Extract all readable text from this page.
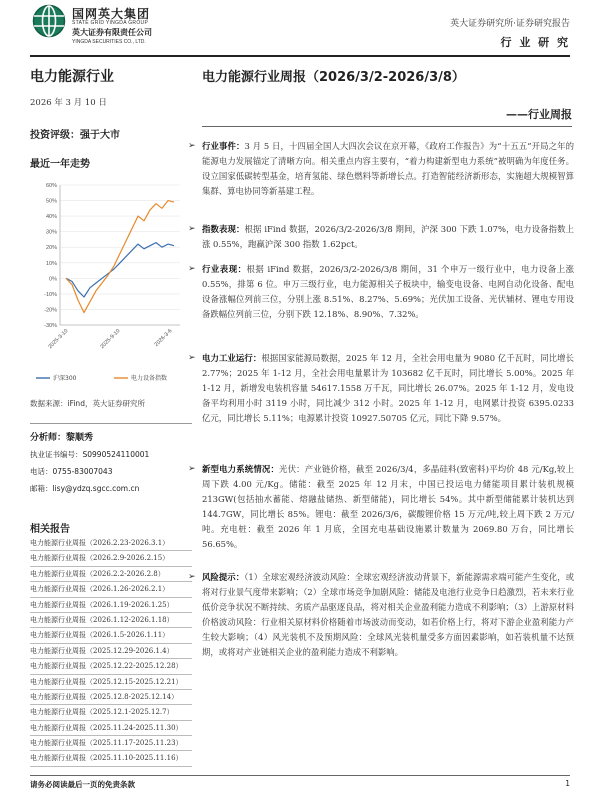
国网英大集团
STATE GRID YINGDA GROUP
英大证券有限责任公司
YINGDA SECURITIES CO., LTD.
英大证券研究所·证券研究报告
行 业 研 究
电力能源行业
2026 年 3 月 10 日
投资评级：强于大市
最近一年走势
-30%
-20%
-10%
0%
10%
20%
30%
40%
50%
60%
2025-3-10	2025-9-10	2026-3-6
沪深300	电力设备指数
数据来源：iFind，英大证券研究所
分析师：黎顺秀
执业证书编号：S0990524110001
电话：0755-83007043
邮箱：lisy@ydzq.sgcc.com.cn
相关报告
电力能源行业周报（2026.2.23-2026.3.1）
电力能源行业周报（2026.2.9-2026.2.15）
电力能源行业周报（2026.2.2-2026.2.8）
电力能源行业周报（2026.1.26-2026.2.1）
电力能源行业周报（2026.1.19-2026.1.25）
电力能源行业周报（2026.1.12-2026.1.18）
电力能源行业周报（2026.1.5-2026.1.11）
电力能源行业周报（2025.12.29-2026.1.4）
电力能源行业周报（2025.12.22-2025.12.28）
电力能源行业周报（2025.12.15-2025.12.21）
电力能源行业周报（2025.12.8-2025.12.14）
电力能源行业周报（2025.12.1-2025.12.7）
电力能源行业周报（2025.11.24-2025.11.30）
电力能源行业周报（2025.11.17-2025.11.23）
电力能源行业周报（2025.11.10-2025.11.16）
电力能源行业周报（2026/3/2-2026/3/8）
——行业周报
➢ 行业事件：3 月 5 日，十四届全国人大四次会议在京开幕，《政府工作报告》为“十五五”开局之年的能源电力发展锚定了清晰方向。相关重点内容主要有，“着力构建新型电力系统”被明确为年度任务。设立国家低碳转型基金，培育氢能、绿色燃料等新增长点。打造智能经济新形态，实施超大规模智算集群、算电协同等新基建工程。
➢ 指数表现：根据 iFind 数据，2026/3/2-2026/3/8 期间，沪深 300 下跌 1.07%，电力设备指数上涨 0.55%，跑赢沪深 300 指数 1.62pct。
➢ 行业表现：根据 iFind 数据，2026/3/2-2026/3/8 期间，31 个申万一级行业中，电力设备上涨 0.55%，排第 6 位。申万三级行业，电力能源相关子板块中，输变电设备、电网自动化设备、配电设备涨幅位列前三位，分别上涨 8.51%、8.27%、5.69%；光伏加工设备、光伏辅材、锂电专用设备跌幅位列前三位，分别下跌 12.18%、8.90%、7.32%。
➢ 电力工业运行：根据国家能源局数据，2025 年 12 月，全社会用电量为 9080 亿千瓦时，同比增长 2.77%；2025 年 1-12 月，全社会用电量累计为 103682 亿千瓦时，同比增长 5.00%。2025 年 1-12 月，新增发电装机容量 54617.1558 万千瓦，同比增长 26.07%。2025 年 1-12 月，发电设备平均利用小时 3119 小时，同比减少 312 小时。2025 年 1-12 月，电网累计投资 6395.0233 亿元，同比增长 5.11%；电源累计投资 10927.50705 亿元，同比下降 9.57%。
➢ 新型电力系统情况：光伏：产业链价格，截至 2026/3/4，多晶硅料(致密料)平均价 48 元/Kg,较上周下跌 4.00 元/Kg。储能：截至 2025 年 12 月末，中国已投运电力储能项目累计装机规模 213GW(包括抽水蓄能、熔融盐储热、新型储能)，同比增长 54%。其中新型储能累计装机达到 144.7GW，同比增长 85%。锂电：截至 2026/3/6，碳酸锂价格 15 万元/吨,较上周下跌 2 万元/吨。充电桩：截至 2026 年 1 月底，全国充电基础设施累计数量为 2069.80 万台，同比增长 56.65%。
➢ 风险提示：（1）全球宏观经济波动风险：全球宏观经济波动背景下，新能源需求端可能产生变化，或将对行业景气度带来影响；（2）全球市场竞争加剧风险：储能及电池行业竞争日趋激烈，若未来行业低价竞争状况不断持续、劣质产品驱逐良品，将对相关企业盈利能力造成不利影响；（3）上游原材料价格波动风险：行业相关原材料价格随着市场波动而变动，如若价格上行，将对下游企业盈利能力产生较大影响；（4）风光装机不及预期风险：全球风光装机量受多方面因素影响，如若装机量不达预期，或将对产业链相关企业的盈利能力造成不利影响。
请务必阅读最后一页的免责条款	1
